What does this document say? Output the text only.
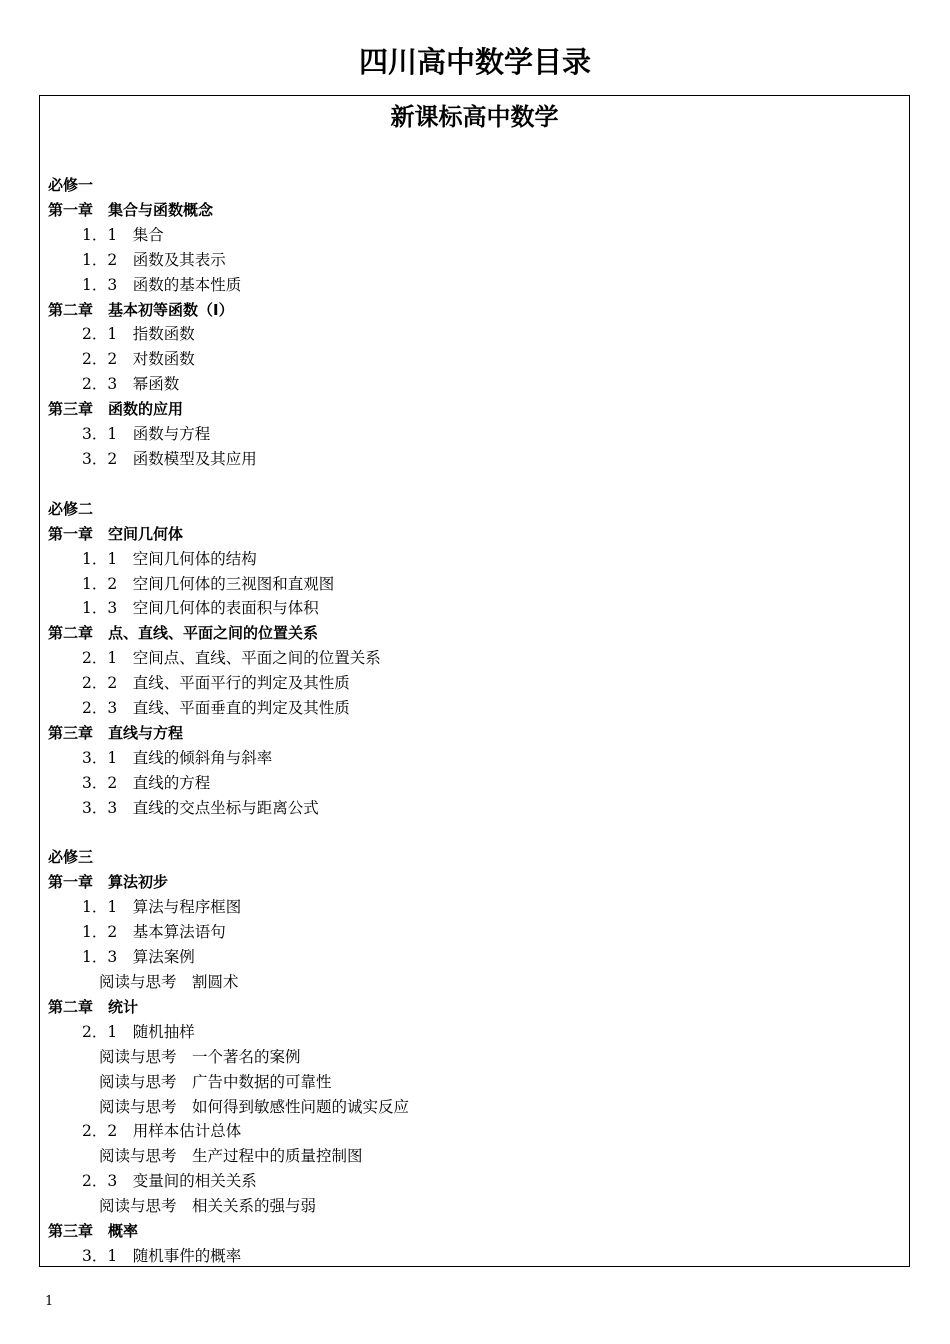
四川高中数学目录
新课标高中数学
必修一
第一章　集合与函数概念
1．1　集合
1．2　函数及其表示
1．3　函数的基本性质
第二章　基本初等函数（Ⅰ）
2．1　指数函数
2．2　对数函数
2．3　幂函数
第三章　函数的应用
3．1　函数与方程
3．2　函数模型及其应用
必修二
第一章　空间几何体
1．1　空间几何体的结构
1．2　空间几何体的三视图和直观图
1．3　空间几何体的表面积与体积
第二章　点、直线、平面之间的位置关系
2．1　空间点、直线、平面之间的位置关系
2．2　直线、平面平行的判定及其性质
2．3　直线、平面垂直的判定及其性质
第三章　直线与方程
3．1　直线的倾斜角与斜率
3．2　直线的方程
3．3　直线的交点坐标与距离公式
必修三
第一章　算法初步
1．1　算法与程序框图
1．2　基本算法语句
1．3　算法案例
阅读与思考　割圆术
第二章　统计
2．1　随机抽样
阅读与思考　一个著名的案例
阅读与思考　广告中数据的可靠性
阅读与思考　如何得到敏感性问题的诚实反应
2．2　用样本估计总体
阅读与思考　生产过程中的质量控制图
2．3　变量间的相关关系
阅读与思考　相关关系的强与弱
第三章　概率
3．1　随机事件的概率
1
